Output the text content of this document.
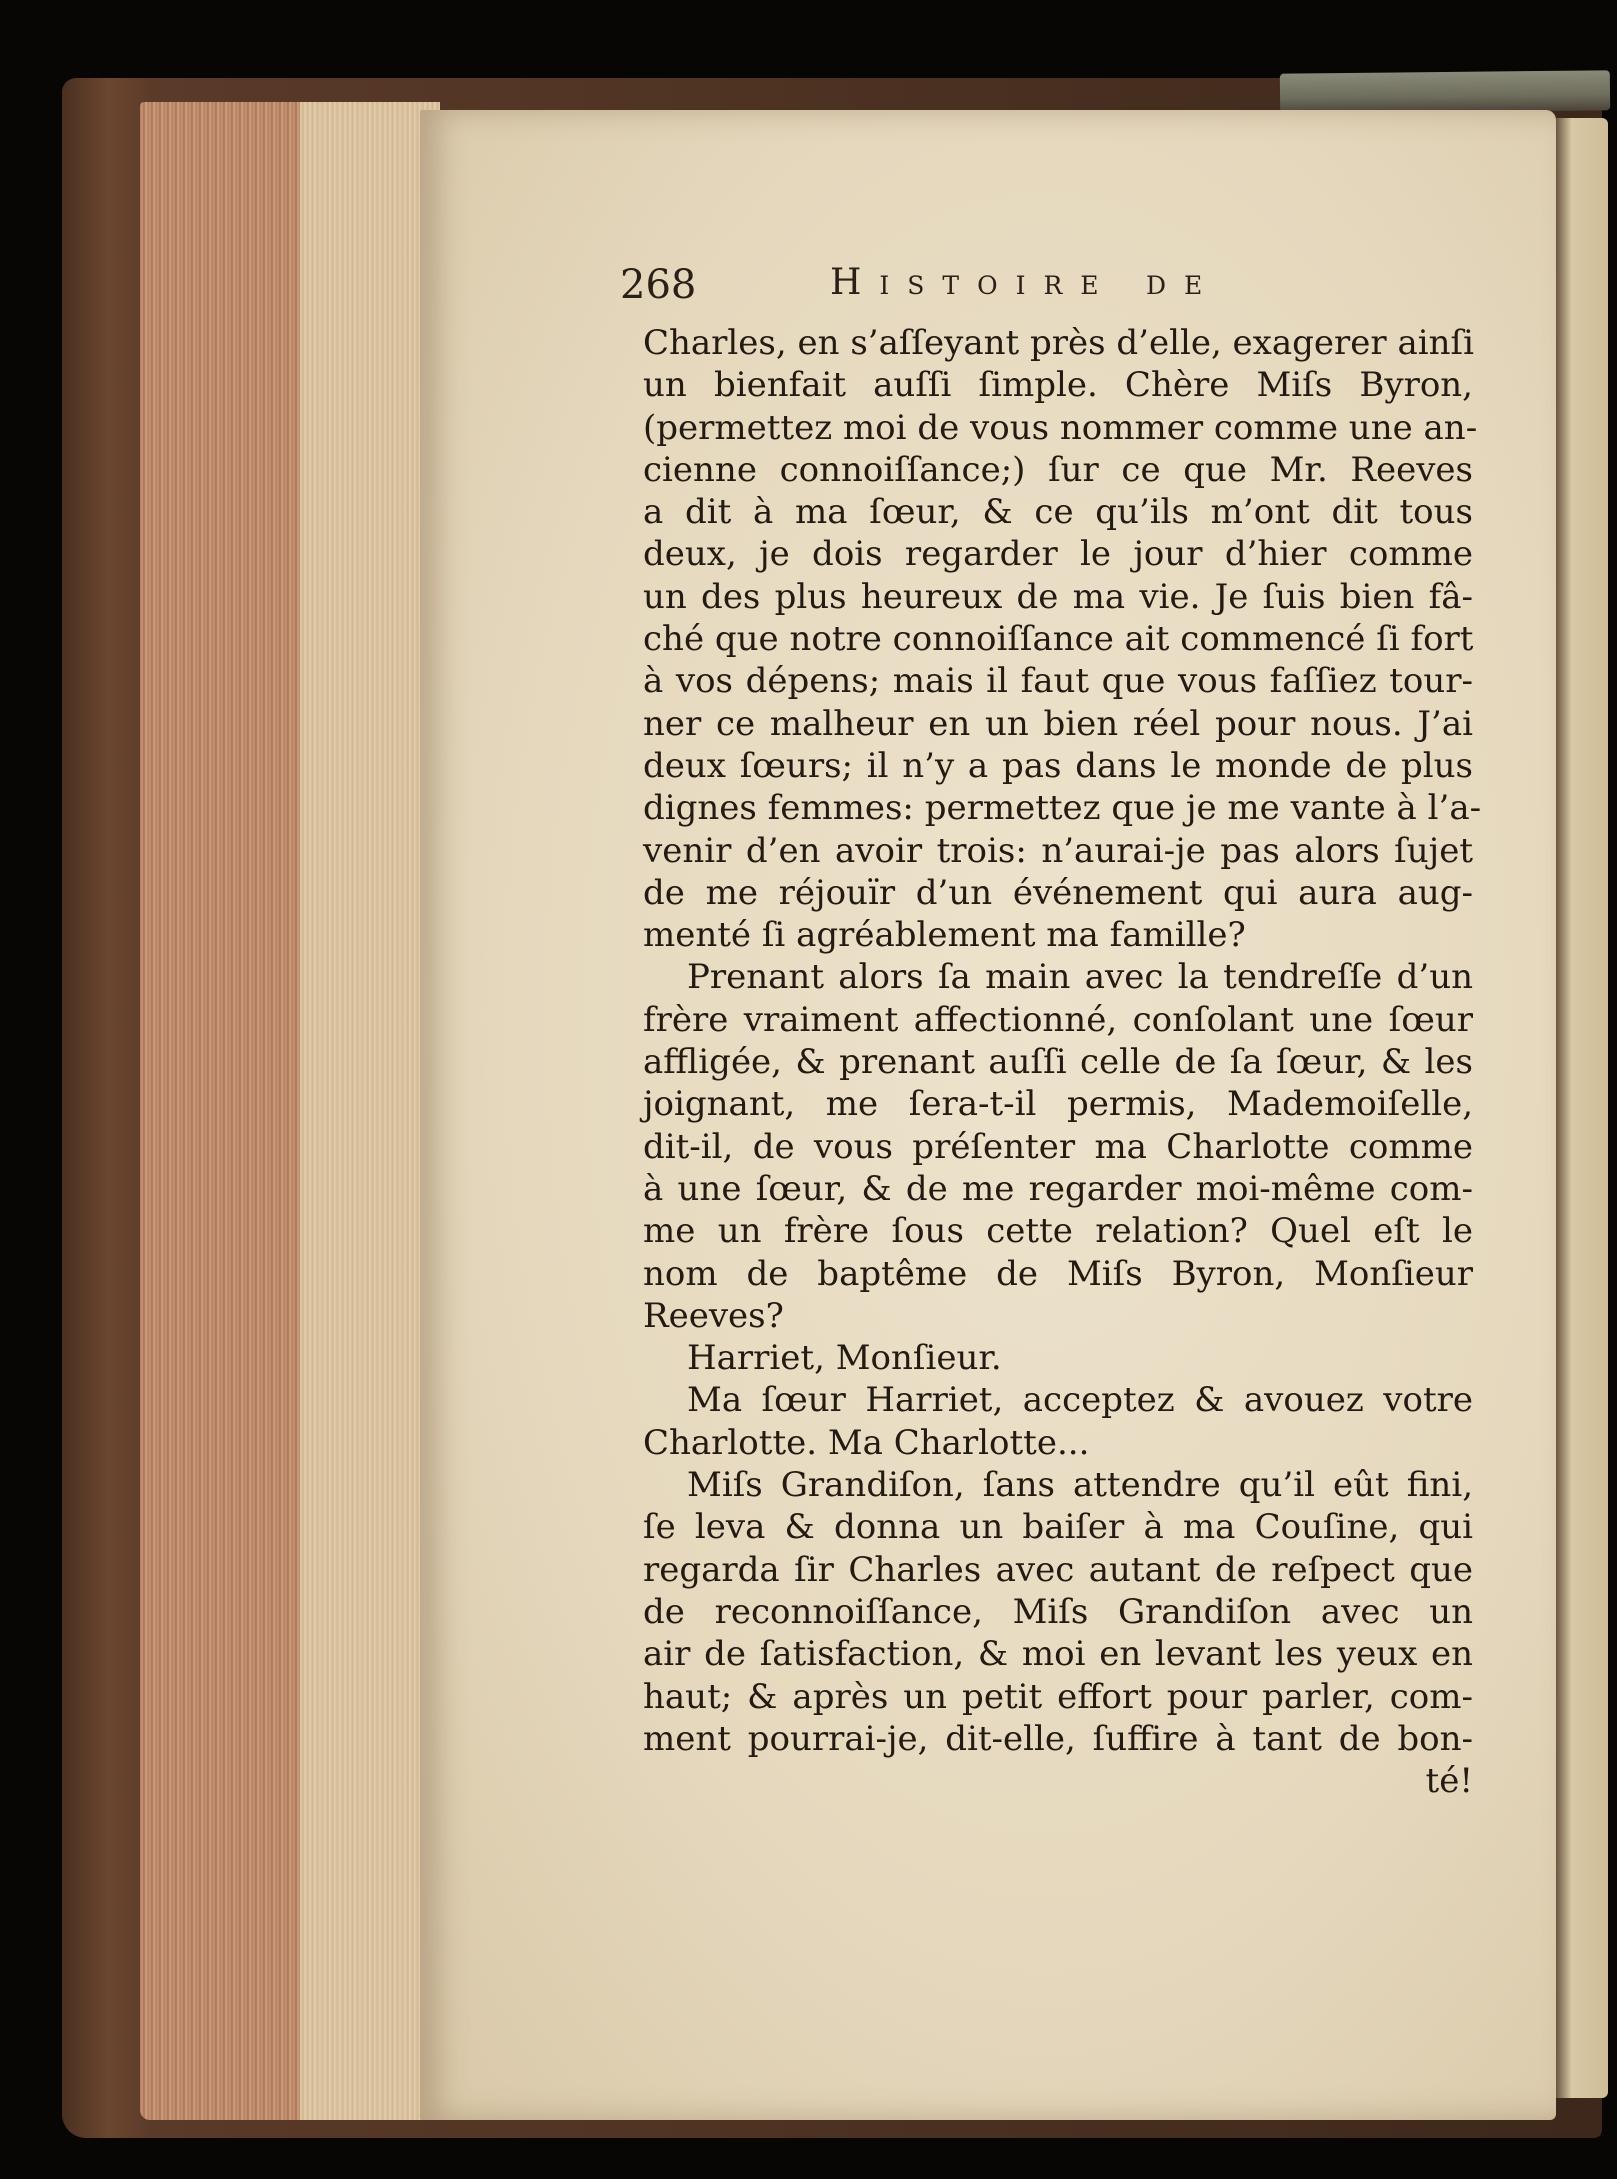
268	Histoire de
Charles, en s’aſſeyant près d’elle, exagerer ainſi
un bienfait auſſi ſimple. Chère Miſs Byron,
(permettez moi de vous nommer comme une an-
cienne connoiſſance;) ſur ce que Mr. Reeves
a dit à ma ſœur, & ce qu’ils m’ont dit tous
deux, je dois regarder le jour d’hier comme
un des plus heureux de ma vie. Je ſuis bien fâ-
ché que notre connoiſſance ait commencé ſi fort
à vos dépens; mais il faut que vous faſſiez tour-
ner ce malheur en un bien réel pour nous. J’ai
deux ſœurs; il n’y a pas dans le monde de plus
dignes femmes: permettez que je me vante à l’a-
venir d’en avoir trois: n’aurai-je pas alors ſujet
de me réjouïr d’un événement qui aura aug-
menté ſi agréablement ma famille?
Prenant alors ſa main avec la tendreſſe d’un
frère vraiment affectionné, conſolant une ſœur
affligée, & prenant auſſi celle de ſa ſœur, & les
joignant, me ſera-t-il permis, Mademoiſelle,
dit-il, de vous préſenter ma Charlotte comme
à une ſœur, & de me regarder moi-même com-
me un frère ſous cette relation? Quel eſt le
nom de baptême de Miſs Byron, Monſieur
Reeves?
Harriet, Monſieur.
Ma ſœur Harriet, acceptez & avouez votre
Charlotte. Ma Charlotte...
Miſs Grandiſon, ſans attendre qu’il eût fini,
ſe leva & donna un baiſer à ma Couſine, qui
regarda ſir Charles avec autant de reſpect que
de reconnoiſſance, Miſs Grandiſon avec un
air de ſatisfaction, & moi en levant les yeux en
haut; & après un petit effort pour parler, com-
ment pourrai-je, dit-elle, ſuffire à tant de bon-
té!
